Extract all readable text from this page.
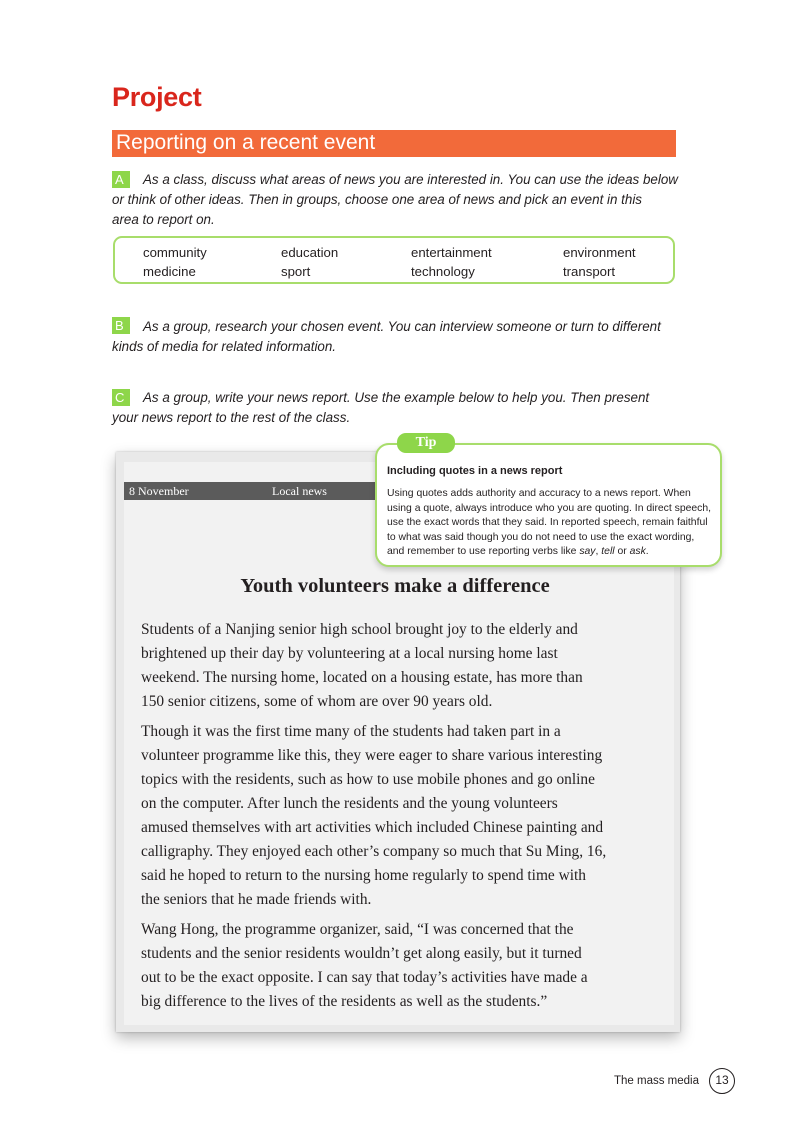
Project
Reporting on a recent event
A	As a class, discuss what areas of news you are interested in. You can use the ideas below
or think of other ideas. Then in groups, choose one area of news and pick an event in this
area to report on.
community	education	entertainment	environment
medicine	sport	technology	transport
B	As a group, research your chosen event. You can interview someone or turn to different
kinds of media for related information.
C	As a group, write your news report. Use the example below to help you. Then present
your news report to the rest of the class.
8 November	Local news
Youth volunteers make a difference
Students of a Nanjing senior high school brought joy to the elderly and
brightened up their day by volunteering at a local nursing home last
weekend. The nursing home, located on a housing estate, has more than
150 senior citizens, some of whom are over 90 years old.
Though it was the first time many of the students had taken part in a
volunteer programme like this, they were eager to share various interesting
topics with the residents, such as how to use mobile phones and go online
on the computer. After lunch the residents and the young volunteers
amused themselves with art activities which included Chinese painting and
calligraphy. They enjoyed each other’s company so much that Su Ming, 16,
said he hoped to return to the nursing home regularly to spend time with
the seniors that he made friends with.
Wang Hong, the programme organizer, said, “I was concerned that the
students and the senior residents wouldn’t get along easily, but it turned
out to be the exact opposite. I can say that today’s activities have made a
big difference to the lives of the residents as well as the students.”
Tip
Including quotes in a news report
Using quotes adds authority and accuracy to a news report. When
using a quote, always introduce who you are quoting. In direct speech,
use the exact words that they said. In reported speech, remain faithful
to what was said though you do not need to use the exact wording,
and remember to use reporting verbs like say, tell or ask.
The mass media	13
